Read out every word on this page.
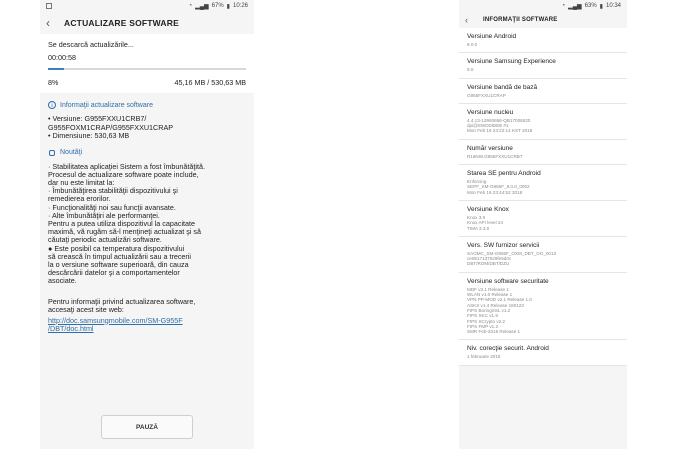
◔ ▂▄▆ 67% ▮ 10:26
‹	ACTUALIZARE SOFTWARE
Se descarcă actualizările...
00:00:58
8%	45,16 MB / 530,63 MB
i	Informaţii actualizare software
• Versiune: G955FXXU1CRB7/
G955FOXM1CRAP/G955FXXU1CRAP
• Dimensiune: 530,63 MB
Noutăţi
· Stabilitatea aplicaţiei Sistem a fost îmbunătăţită.
Procesul de actualizare software poate include,
dar nu este limitat la:
· Îmbunătăţirea stabilităţii dispozitivului şi
remedierea erorilor.
· Funcţionalităţi noi sau funcţii avansate.
· Alte îmbunătăţiri ale performanţei.
Pentru a putea utiliza dispozitivul la capacitate
maximă, vă rugăm să-l menţineţi actualizat şi să
căutaţi periodic actualizări software.
● Este posibil ca temperatura dispozitivului
să crească în timpul actualizării sau a trecerii
la o versiune software superioară, din cauza
descărcării datelor şi a comportamentelor
asociate.
Pentru informaţii privind actualizarea software,
accesaţi acest site web:
http://doc.samsungmobile.com/SM-G955F
/DBT/doc.html
PAUZĂ
◔ ▂▄▆ 63% ▮ 10:34
‹	INFORMAŢII SOFTWARE
Versiune Android
8.0.0
Versiune Samsung Experience
9.0
Versiune bandă de bază
G955FXXU1CRAP
Versiune nucleu
4.4.13-12993656-QB17006520
dpi@SWDD6806 #1
Mon Feb 19 23:22:14 KST 2018
Număr versiune
R16NW.G955FXXU1CRB7
Starea SE pentru Android
Enforcing
SEPF_SM-G955F_8.0.0_0002
Mon Feb 19 23:44:52 2018
Versiune Knox
Knox 3.0
Knox API level 24
TIMA 3.3.0
Vers. SW furnizor servicii
SAOMC_SM-G955F_OXM_DBT_OO_0013
ce0517137529fe5d0c
DBT/ROM/DBT/DZU
Versiune software securitate
MDF v3.1 Release 1
WLAN v1.0 Release 1
VPN PP-MOD v2.1 Release 1.0
ASKS v1.4 Release 180123
FIPS BoringSSL v1.2
FIPS SKC v1.9
FIPS SCrypto v2.2
FIPS FMP v1.2
SMR Feb-2018 Release 1
Niv. corecţie securit. Android
1 februarie 2018
